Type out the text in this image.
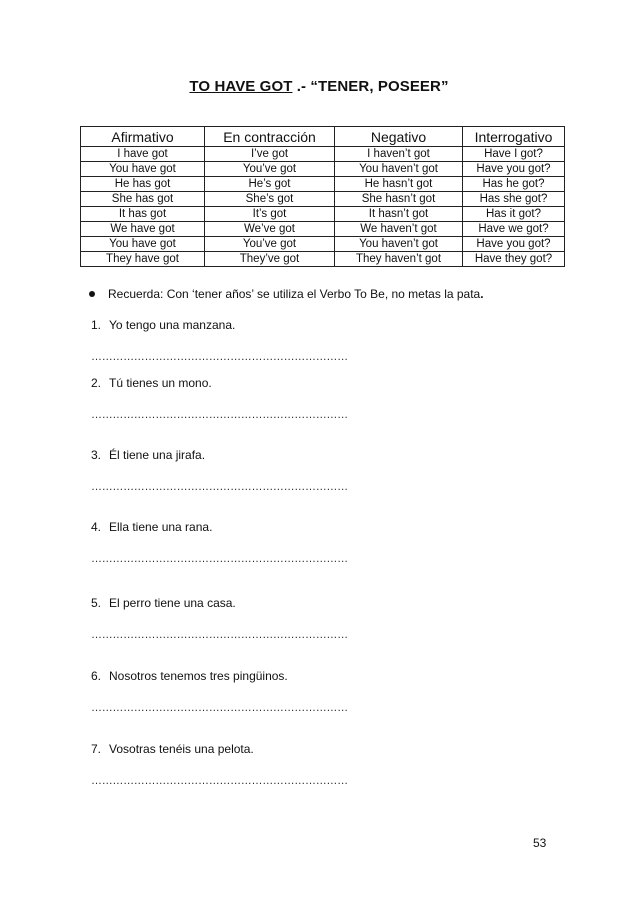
TO HAVE GOT .- “TENER, POSEER”
Afirmativo	En contracción	Negativo	Interrogativo
I have got	I’ve got	I haven’t got	Have I got?
You have got	You’ve got	You haven’t got	Have you got?
He has got	He’s got	He hasn’t got	Has he got?
She has got	She’s got	She hasn’t got	Has she got?
It has got	It’s got	It hasn’t got	Has it got?
We have got	We’ve got	We haven’t got	Have we got?
You have got	You’ve got	You haven’t got	Have you got?
They have got	They’ve got	They haven’t got	Have they got?
Recuerda: Con ‘tener años’ se utiliza el Verbo To Be, no metas la pata.
1. Yo tengo una manzana.
………………………………………………………………
2. Tú tienes un mono.
………………………………………………………………
3. Él tiene una jirafa.
………………………………………………………………
4. Ella tiene una rana.
………………………………………………………………
5. El perro tiene una casa.
………………………………………………………………
6. Nosotros tenemos tres pingüinos.
………………………………………………………………
7. Vosotras tenéis una pelota.
………………………………………………………………
53
